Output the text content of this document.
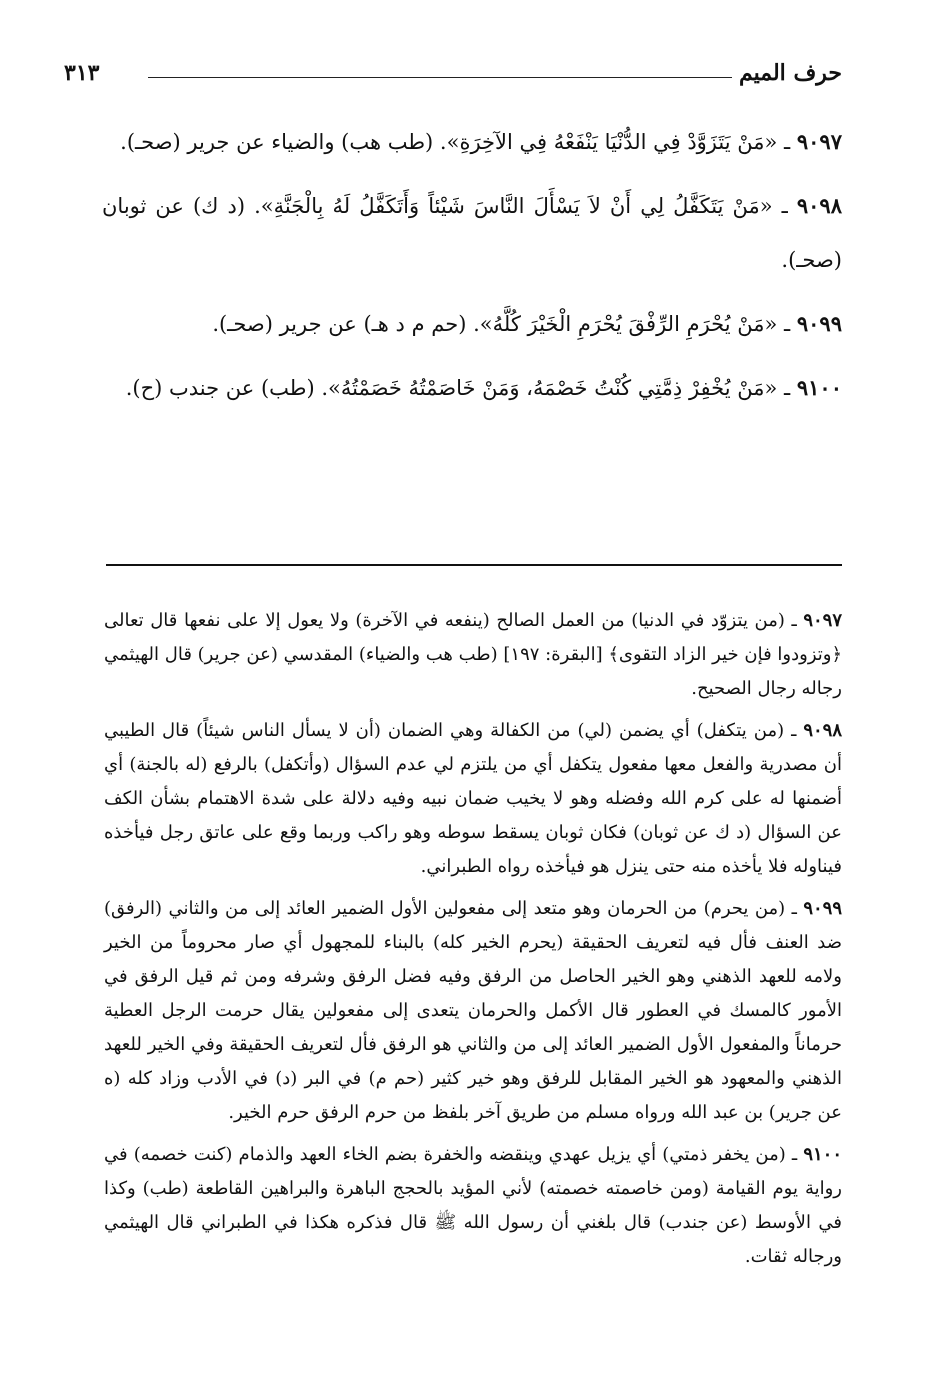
حرف الميم
٣١٣

٩٠٩٧ ـ «مَنْ يَتَزَوَّدْ فِي الدُّنْيَا يَنْفَعْهُ فِي الآخِرَةِ». (طب هب) والضياء عن جرير (صحـ).

٩٠٩٨ ـ «مَنْ يَتَكَفَّلُ لِي أَنْ لاَ يَسْأَلَ النَّاسَ شَيْئاً وَأَتَكَفَّلُ لَهُ بِالْجَنَّةِ». (د ك) عن ثوبان (صحـ).

٩٠٩٩ ـ «مَنْ يُحْرَمِ الرِّفْقَ يُحْرَمِ الْخَيْرَ كُلَّهُ». (حم م د هـ) عن جرير (صحـ).

٩١٠٠ ـ «مَنْ يُخْفِرْ ذِمَّتِي كُنْتُ خَصْمَهُ، وَمَنْ خَاصَمْتُهُ خَصَمْتُهُ». (طب) عن جندب (ح).

٩٠٩٧ ـ (من يتزوّد في الدنيا) من العمل الصالح (ينفعه في الآخرة) ولا يعول إلا على نفعها قال تعالى ﴿وتزودوا فإن خير الزاد التقوى﴾ [البقرة: ١٩٧] (طب هب والضياء) المقدسي (عن جرير) قال الهيثمي رجاله رجال الصحيح.

٩٠٩٨ ـ (من يتكفل) أي يضمن (لي) من الكفالة وهي الضمان (أن لا يسأل الناس شيئاً) قال الطيبي أن مصدرية والفعل معها مفعول يتكفل أي من يلتزم لي عدم السؤال (وأتكفل) بالرفع (له بالجنة) أي أضمنها له على كرم الله وفضله وهو لا يخيب ضمان نبيه وفيه دلالة على شدة الاهتمام بشأن الكف عن السؤال (د ك عن ثوبان) فكان ثوبان يسقط سوطه وهو راكب وربما وقع على عاتق رجل فيأخذه فيناوله فلا يأخذه منه حتى ينزل هو فيأخذه رواه الطبراني.

٩٠٩٩ ـ (من يحرم) من الحرمان وهو متعد إلى مفعولين الأول الضمير العائد إلى من والثاني (الرفق) ضد العنف فأل فيه لتعريف الحقيقة (يحرم الخير كله) بالبناء للمجهول أي صار محروماً من الخير ولامه للعهد الذهني وهو الخير الحاصل من الرفق وفيه فضل الرفق وشرفه ومن ثم قيل الرفق في الأمور كالمسك في العطور قال الأكمل والحرمان يتعدى إلى مفعولين يقال حرمت الرجل العطية حرماناً والمفعول الأول الضمير العائد إلى من والثاني هو الرفق فأل لتعريف الحقيقة وفي الخير للعهد الذهني والمعهود هو الخير المقابل للرفق وهو خير كثير (حم م) في البر (د) في الأدب وزاد كله (ه عن جرير) بن عبد الله ورواه مسلم من طريق آخر بلفظ من حرم الرفق حرم الخير.

٩١٠٠ ـ (من يخفر ذمتي) أي يزيل عهدي وينقضه والخفرة بضم الخاء العهد والذمام (كنت خصمه) في رواية يوم القيامة (ومن خاصمته خصمته) لأني المؤيد بالحجج الباهرة والبراهين القاطعة (طب) وكذا في الأوسط (عن جندب) قال بلغني أن رسول الله ﷺ قال فذكره هكذا في الطبراني قال الهيثمي ورجاله ثقات.
